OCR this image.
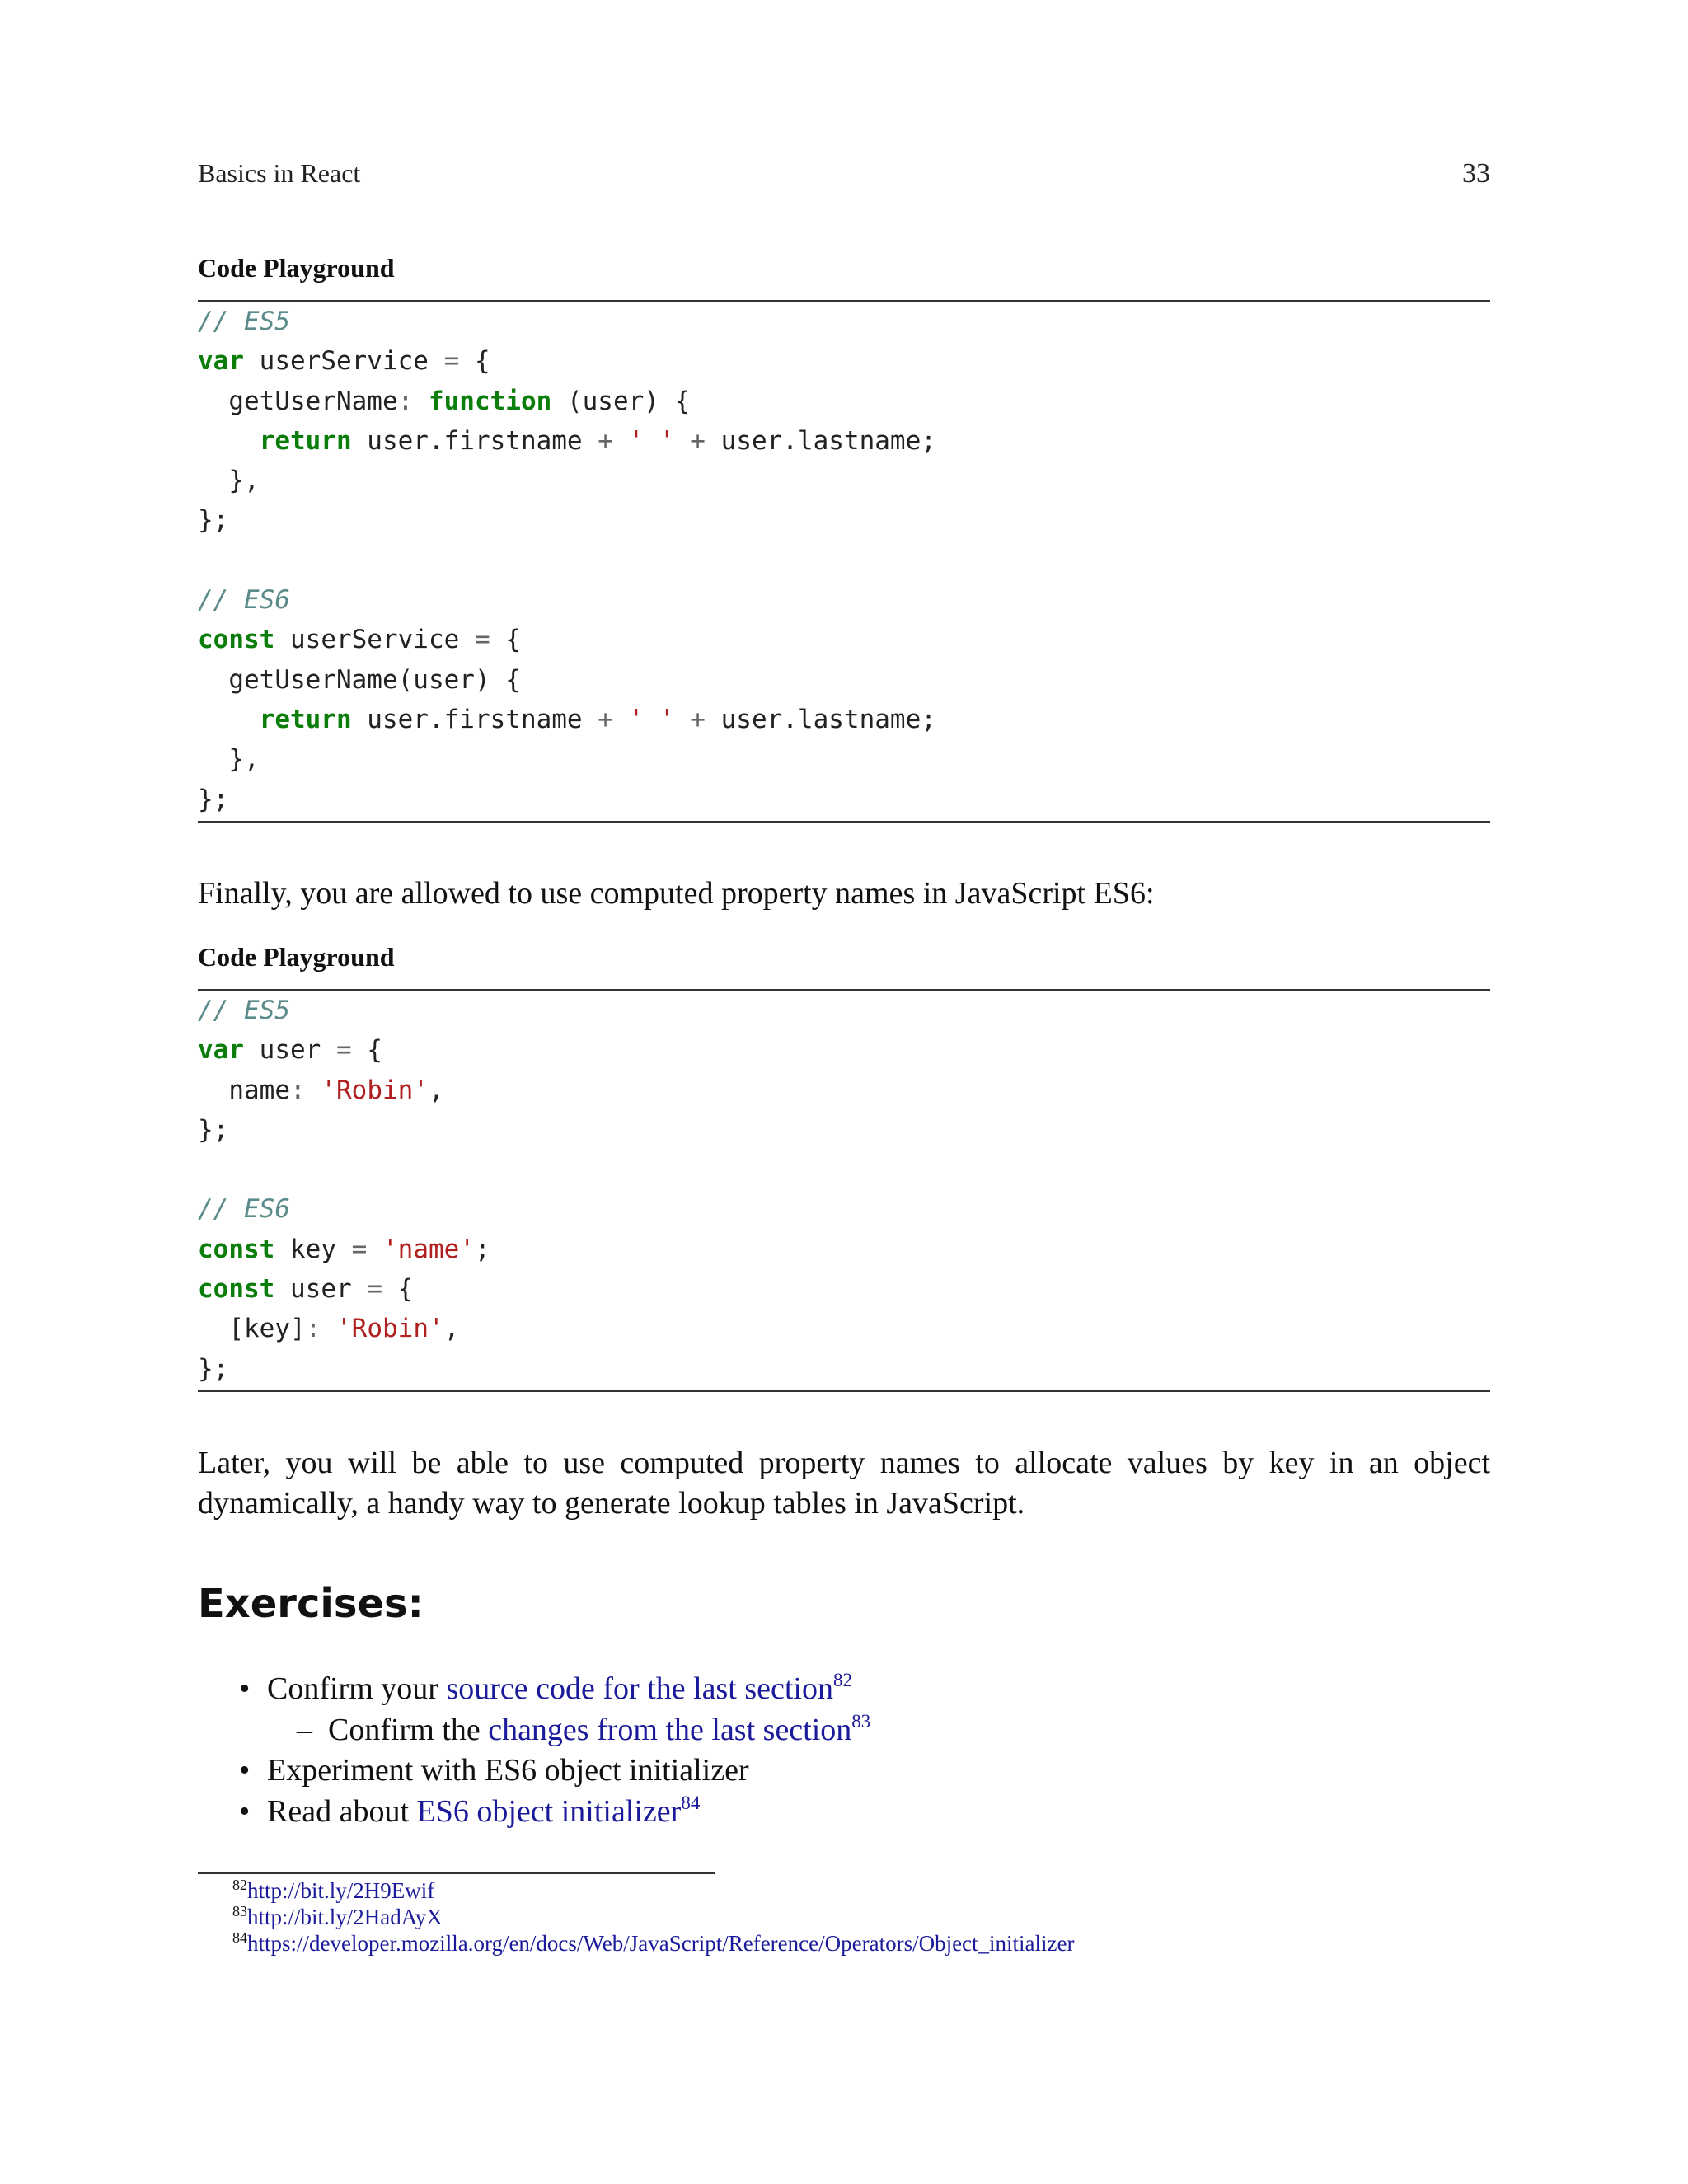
Basics in React	33
Code Playground
// ES5
var userService = {
getUserName: function (user) {
return user.firstname + ' ' + user.lastname;
},
};

// ES6
const userService = {
getUserName(user) {
return user.firstname + ' ' + user.lastname;
},
};

Finally, you are allowed to use computed property names in JavaScript ES6:

Code Playground
// ES5
var user = {
name: 'Robin',
};

// ES6
const key = 'name';
const user = {
[key]: 'Robin',
};

Later, you will be able to use computed property names to allocate values by key in an object dynamically, a handy way to generate lookup tables in JavaScript.

Exercises:
• Confirm your source code for the last section$^{82}$
– Confirm the changes from the last section$^{83}$
• Experiment with ES6 object initializer
• Read about ES6 object initializer$^{84}$
$^{82}$http://bit.ly/2H9Ewif
$^{83}$http://bit.ly/2HadAyX
$^{84}$https://developer.mozilla.org/en/docs/Web/JavaScript/Reference/Operators/Object_initializer
